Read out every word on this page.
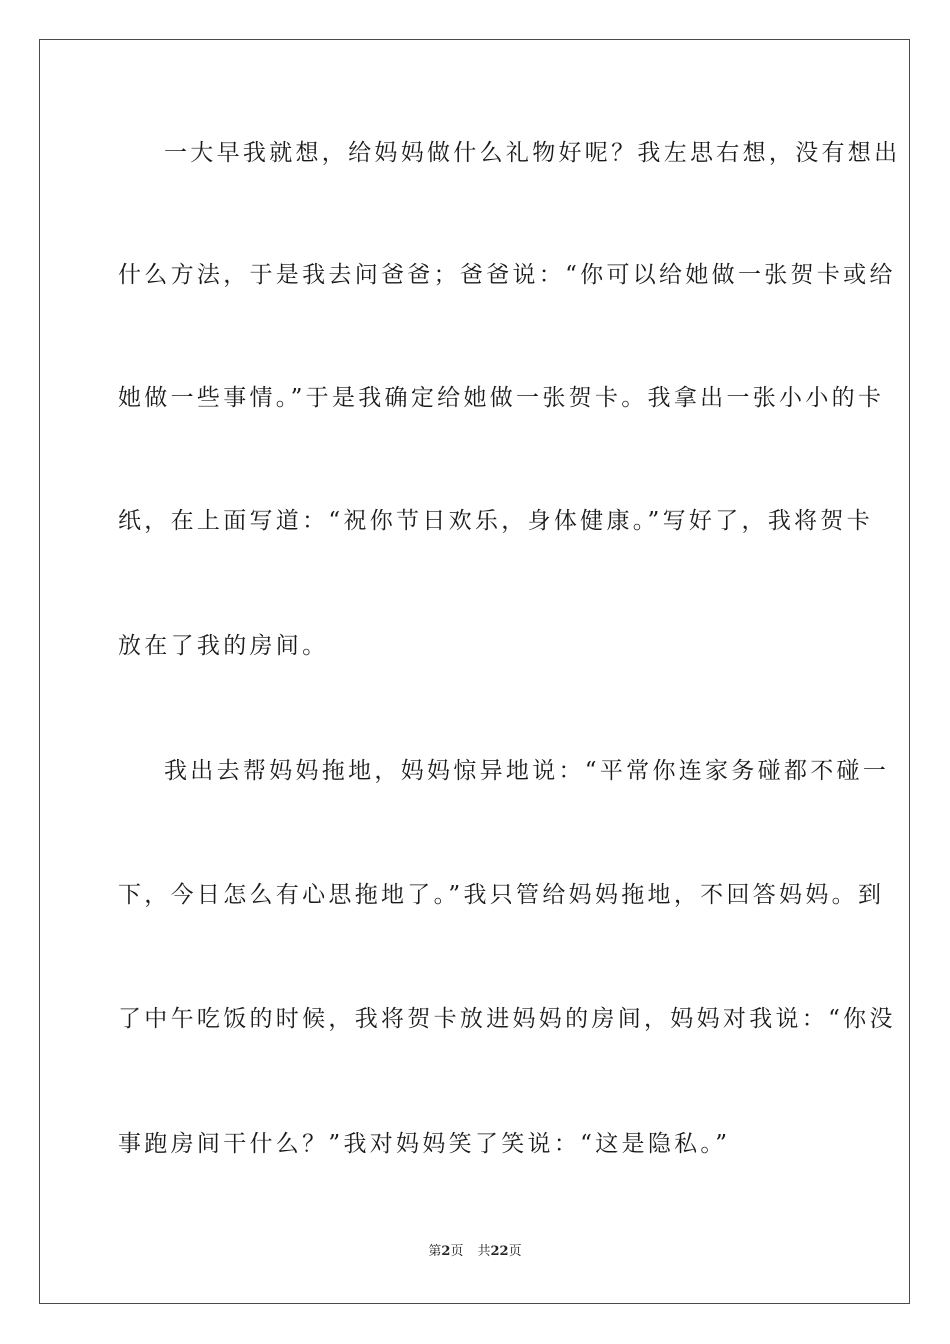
一大早我就想，给妈妈做什么礼物好呢？我左思右想，没有想出
什么方法，于是我去问爸爸；爸爸说：“你可以给她做一张贺卡或给
她做一些事情。”于是我确定给她做一张贺卡。我拿出一张小小的卡
纸，在上面写道：“祝你节日欢乐，身体健康。”写好了，我将贺卡
放在了我的房间。
我出去帮妈妈拖地，妈妈惊异地说：“平常你连家务碰都不碰一
下，今日怎么有心思拖地了。”我只管给妈妈拖地，不回答妈妈。到
了中午吃饭的时候，我将贺卡放进妈妈的房间，妈妈对我说：“你没
事跑房间干什么？”我对妈妈笑了笑说：“这是隐私。”
第2页 共22页
